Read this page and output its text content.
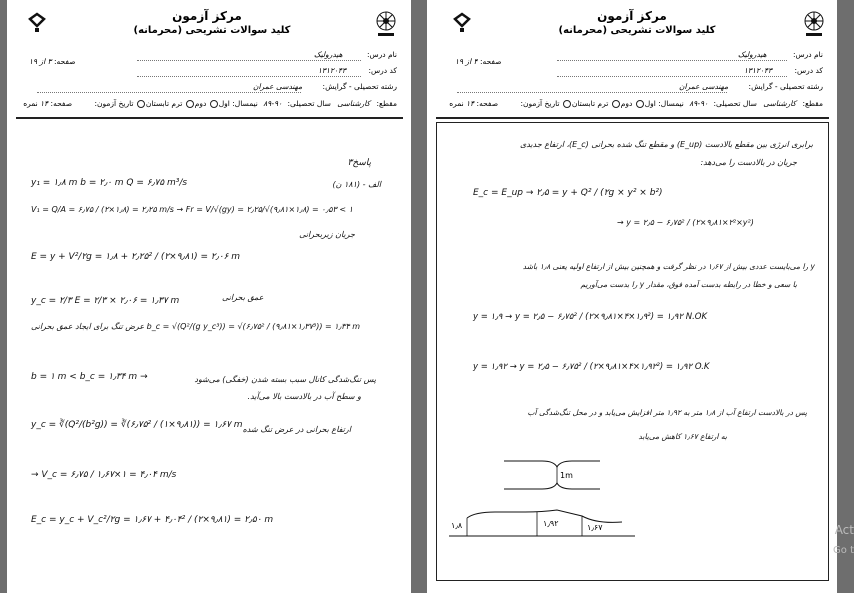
مرکز آزمون
کلید سوالات تشریحی (محرمانه)
نام درس: هیدرولیک
صفحه: ۳ از ۱۹
کد درس: ۱۳۱۲۰۴۳
رشته تحصیلی - گرایش: مهندسی عمران
مقطع: کارشناسی سال تحصیلی: ۹۰-۸۹ نیمسال: اول دوم ترم تابستان تاریخ آزمون: صفحه: ۱۴ نمره
پاسخ۳
الف - (۱۸۱ ن)
y₁ = ۱٫۸ m b = ۲٫۰ m Q = ۶٫۷۵ m³/s
V₁ = Q/A = ۶٫۷۵ / (۲×۱٫۸) = ۲٫۲۵ m/s → Fr = V/√(gy) = ۲٫۲۵/√(۹٫۸۱×۱٫۸) = ۰٫۵۳ < ۱
جریان زیربحرانی
E = y + V²/۲g = ۱٫۸ + ۲٫۲۵² / (۲×۹٫۸۱) = ۲٫۰۶ m
y_c = ۲/۳ E = ۲/۳ × ۲٫۰۶ = ۱٫۳۷ m	عمق بحرانی
عرض تنگ برای ایجاد عمق بحرانی b_c = √(Q²/(g y_c³)) = √(۶٫۷۵² / (۹٫۸۱×۱٫۳۷³)) = ۱٫۳۴ m
b = ۱ m < b_c = ۱٫۳۴ m →	پس تنگ‌شدگی کانال سبب بسته شدن (خفگی) می‌شود
و سطح آب در بالادست بالا می‌آید.
y_c = ∛(Q²/(b²g)) = ∛(۶٫۷۵² / (۱×۹٫۸۱)) = ۱٫۶۷ m ارتفاع بحرانی در عرض تنگ شده
→ V_c = ۶٫۷۵ / ۱٫۶۷×۱ = ۴٫۰۴ m/s
E_c = y_c + V_c²/۲g = ۱٫۶۷ + ۴٫۰۴² / (۲×۹٫۸۱) = ۲٫۵۰ m
مرکز آزمون
کلید سوالات تشریحی (محرمانه)
نام درس: هیدرولیک
صفحه: ۴ از ۱۹
کد درس: ۱۳۱۲۰۴۳
رشته تحصیلی - گرایش: مهندسی عمران
مقطع: کارشناسی سال تحصیلی: ۹۰-۸۹ نیمسال: اول دوم ترم تابستان تاریخ آزمون: صفحه: ۱۴ نمره
برابری انرژی بین مقطع بالادست (E_up) و مقطع تنگ شده بحرانی (E_c)، ارتفاع جدیدی
جریان در بالادست را می‌دهد:
E_c = E_up → ۲٫۵ = y + Q² / (۲g × y² × b²)
→ y = ۲٫۵ − ۶٫۷۵² / (۲×۹٫۸۱×۲²×y²)
y را می‌بایست عددی بیش از ۱٫۶۷ در نظر گرفت و همچنین بیش از ارتفاع اولیه یعنی ۱٫۸ باشد
با سعی و خطا در رابطه بدست آمده فوق، مقدار y را بدست می‌آوریم
y = ۱٫۹ → y = ۲٫۵ − ۶٫۷۵² / (۲×۹٫۸۱×۴×۱٫۹²) = ۱٫۹۲ N.OK
y = ۱٫۹۲ → y = ۲٫۵ − ۶٫۷۵² / (۲×۹٫۸۱×۴×۱٫۹۲²) = ۱٫۹۲ O.K
پس در بالادست ارتفاع آب از ۱٫۸ متر به ۱٫۹۲ متر افزایش می‌یابد و در محل تنگ‌شدگی آب
به ارتفاع ۱٫۶۷ کاهش می‌یابد
1m
۱٫۸	۱٫۹۲	۱٫۶۷	Act
Go t
